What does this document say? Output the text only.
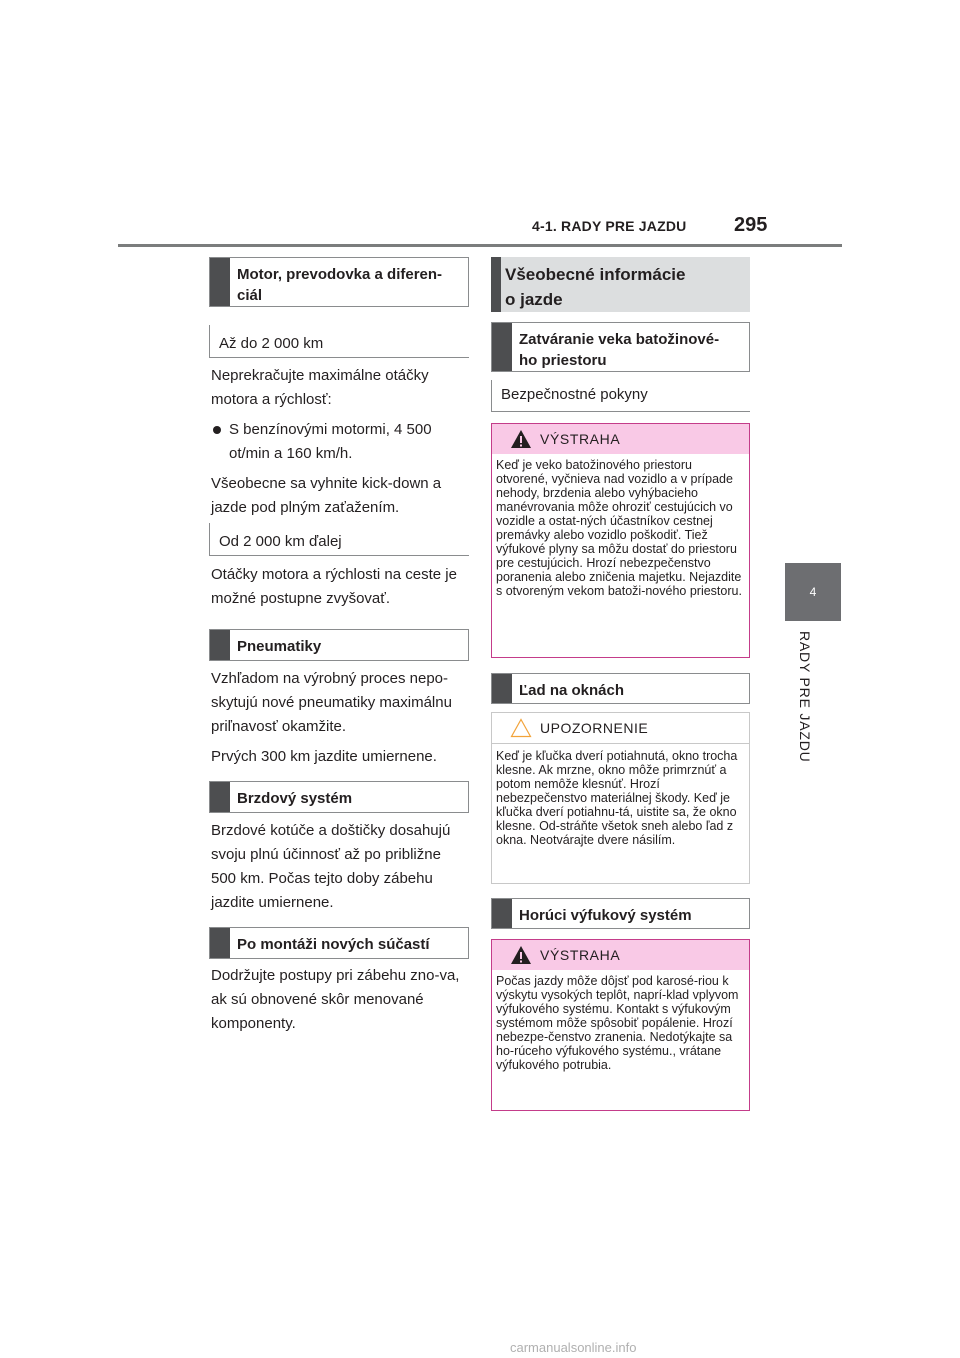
4-1. RADY PRE JAZDU 295
4
RADY PRE JAZDU
Motor, prevodovka a diferen-
ciál
Až do 2 000 km

Neprekračujte maximálne otáčky motora a rýchlosť:

S benzínovými motormi, 4 500 ot/min a 160 km/h.

Všeobecne sa vyhnite kick-down a jazde pod plným zaťažením.

Od 2 000 km ďalej

Otáčky motora a rýchlosti na ceste je možné postupne zvyšovať.

Pneumatiky

Vzhľadom na výrobný proces nepo-skytujú nové pneumatiky maximálnu priľnavosť okamžite.

Prvých 300 km jazdite umiernene.

Brzdový systém

Brzdové kotúče a doštičky dosahujú svoju plnú účinnosť až po približne 500 km. Počas tejto doby zábehu jazdite umiernene.

Po montáži nových súčastí

Dodržujte postupy pri zábehu zno-va, ak sú obnovené skôr menované komponenty.

Všeobecné informácie
o jazde
Zatváranie veka batožinové-
ho priestoru
Bezpečnostné pokyny
VÝSTRAHA
Keď je veko batožinového priestoru otvorené, vyčnieva nad vozidlo a v prípade nehody, brzdenia alebo vyhýbacieho manévrovania môže ohroziť cestujúcich vo vozidle a ostat-ných účastníkov cestnej premávky alebo vozidlo poškodiť. Tiež výfukové plyny sa môžu dostať do priestoru pre cestujúcich. Hrozí nebezpečenstvo poranenia alebo zničenia majetku. Nejazdite s otvoreným vekom batoži-nového priestoru.
Ľad na oknách
UPOZORNENIE
Keď je kľučka dverí potiahnutá, okno trocha klesne. Ak mrzne, okno môže primrznúť a potom nemôže klesnúť. Hrozí nebezpečenstvo materiálnej škody. Keď je kľučka dverí potiahnu-tá, uistite sa, že okno klesne. Od-stráňte všetok sneh alebo ľad z okna. Neotvárajte dvere násilím.
Horúci výfukový systém
VÝSTRAHA
Počas jazdy môže dôjsť pod karosé-riou k výskytu vysokých teplôt, naprí-klad vplyvom výfukového systému. Kontakt s výfukovým systémom môže spôsobiť popálenie. Hrozí nebezpe-čenstvo zranenia. Nedotýkajte sa ho-rúceho výfukového systému., vrátane výfukového potrubia.
carmanualsonline.info
